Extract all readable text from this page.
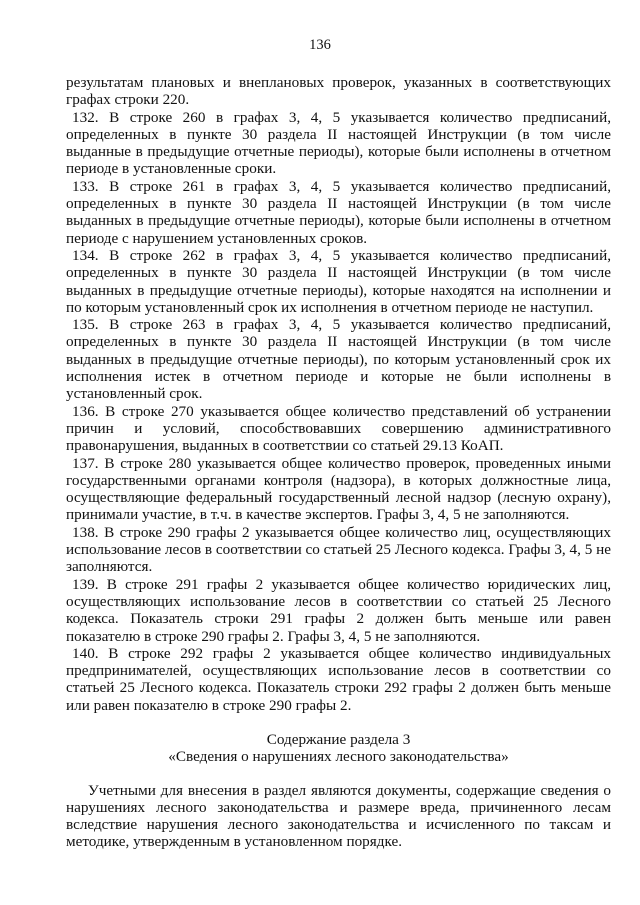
136

результатам плановых и внеплановых проверок, указанных в соответствующих графах строки 220.

132. В строке 260 в графах 3, 4, 5 указывается количество предписаний, определенных в пункте 30 раздела II настоящей Инструкции (в том числе выданные в предыдущие отчетные периоды), которые были исполнены в отчетном периоде в установленные сроки.

133. В строке 261 в графах 3, 4, 5 указывается количество предписаний, определенных в пункте 30 раздела II настоящей Инструкции (в том числе выданных в предыдущие отчетные периоды), которые были исполнены в отчетном периоде с нарушением установленных сроков.

134. В строке 262 в графах 3, 4, 5 указывается количество предписаний, определенных в пункте 30 раздела II настоящей Инструкции (в том числе выданных в предыдущие отчетные периоды), которые находятся на исполнении и по которым установленный срок их исполнения в отчетном периоде не наступил.

135. В строке 263 в графах 3, 4, 5 указывается количество предписаний, определенных в пункте 30 раздела II настоящей Инструкции (в том числе выданных в предыдущие отчетные периоды), по которым установленный срок их исполнения истек в отчетном периоде и которые не были исполнены в установленный срок.

136. В строке 270 указывается общее количество представлений об устранении причин и условий, способствовавших совершению административного правонарушения, выданных в соответствии со статьей 29.13 КоАП.

137. В строке 280 указывается общее количество проверок, проведенных иными государственными органами контроля (надзора), в которых должностные лица, осуществляющие федеральный государственный лесной надзор (лесную охрану), принимали участие, в т.ч. в качестве экспертов. Графы 3, 4, 5 не заполняются.

138. В строке 290 графы 2 указывается общее количество лиц, осуществляющих использование лесов в соответствии со статьей 25 Лесного кодекса. Графы 3, 4, 5 не заполняются.

139. В строке 291 графы 2 указывается общее количество юридических лиц, осуществляющих использование лесов в соответствии со статьей 25 Лесного кодекса. Показатель строки 291 графы 2 должен быть меньше или равен показателю в строке 290 графы 2. Графы 3, 4, 5 не заполняются.

140. В строке 292 графы 2 указывается общее количество индивидуальных предпринимателей, осуществляющих использование лесов в соответствии со статьей 25 Лесного кодекса. Показатель строки 292 графы 2 должен быть меньше или равен показателю в строке 290 графы 2.

Содержание раздела 3

«Сведения о нарушениях лесного законодательства»

Учетными для внесения в раздел являются документы, содержащие сведения о нарушениях лесного законодательства и размере вреда, причиненного лесам вследствие нарушения лесного законодательства и исчисленного по таксам и методике, утвержденным в установленном порядке.
